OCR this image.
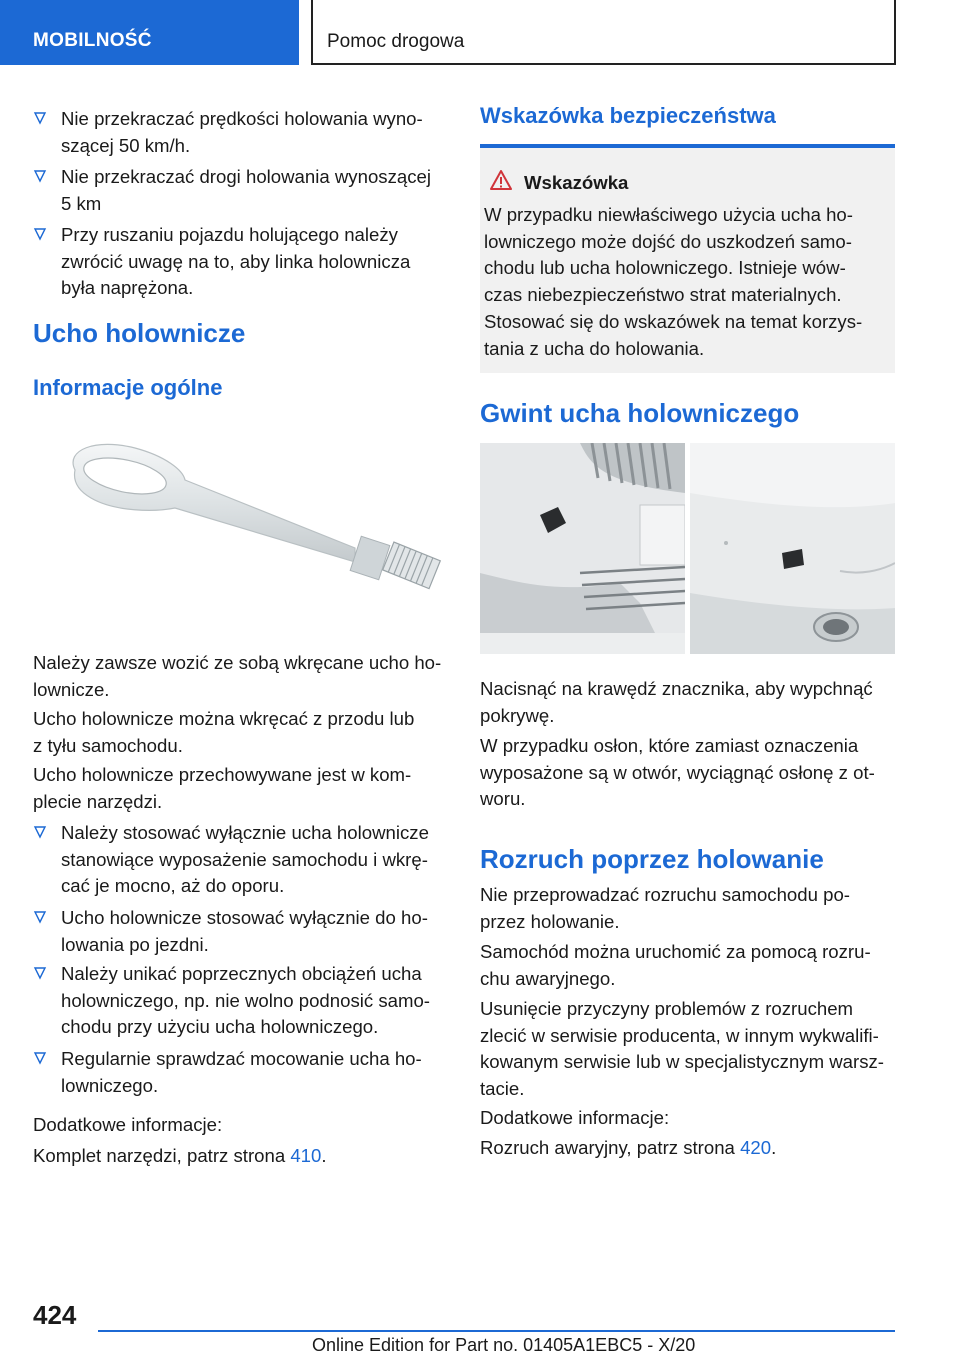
MOBILNOŚĆ	Pomoc drogowa
Nie przekraczać prędkości holowania wyno-
szącej 50 km/h.
Nie przekraczać drogi holowania wynoszącej
5 km
Przy ruszaniu pojazdu holującego należy
zwrócić uwagę na to, aby linka holownicza
była naprężona.
Ucho holownicze
Informacje ogólne
Należy zawsze wozić ze sobą wkręcane ucho ho-
lownicze.
Ucho holownicze można wkręcać z przodu lub
z tyłu samochodu.
Ucho holownicze przechowywane jest w kom-
plecie narzędzi.
Należy stosować wyłącznie ucha holownicze
stanowiące wyposażenie samochodu i wkrę-
cać je mocno, aż do oporu.
Ucho holownicze stosować wyłącznie do ho-
lowania po jezdni.
Należy unikać poprzecznych obciążeń ucha
holowniczego, np. nie wolno podnosić samo-
chodu przy użyciu ucha holowniczego.
Regularnie sprawdzać mocowanie ucha ho-
lowniczego.
Dodatkowe informacje:
Komplet narzędzi, patrz strona 410.
Wskazówka bezpieczeństwa
Wskazówka
W przypadku niewłaściwego użycia ucha ho-
lowniczego może dojść do uszkodzeń samo-
chodu lub ucha holowniczego. Istnieje wów-
czas niebezpieczeństwo strat materialnych.
Stosować się do wskazówek na temat korzys-
tania z ucha do holowania.
Gwint ucha holowniczego
Nacisnąć na krawędź znacznika, aby wypchnąć
pokrywę.
W przypadku osłon, które zamiast oznaczenia
wyposażone są w otwór, wyciągnąć osłonę z ot-
woru.
Rozruch poprzez holowanie
Nie przeprowadzać rozruchu samochodu po-
przez holowanie.
Samochód można uruchomić za pomocą rozru-
chu awaryjnego.
Usunięcie przyczyny problemów z rozruchem
zlecić w serwisie producenta, w innym wykwalifi-
kowanym serwisie lub w specjalistycznym warsz-
tacie.
Dodatkowe informacje:
Rozruch awaryjny, patrz strona 420.
424
Online Edition for Part no. 01405A1EBC5 - X/20
